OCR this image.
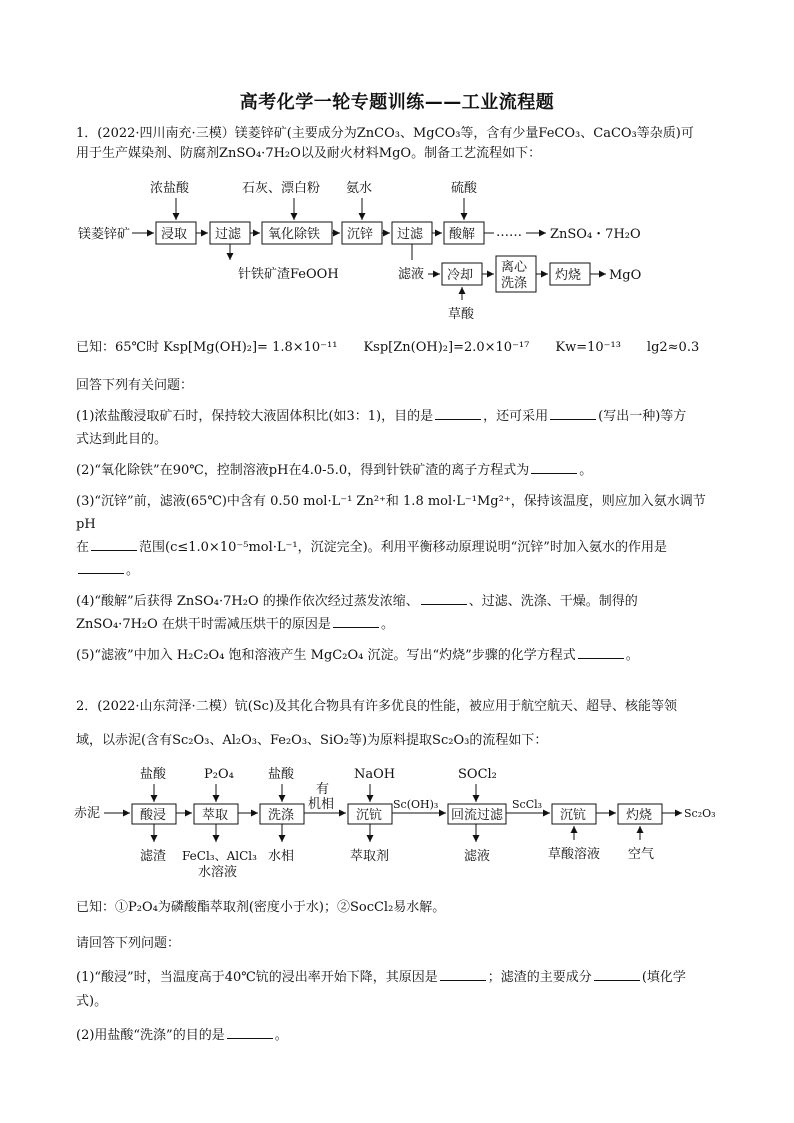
高考化学一轮专题训练——工业流程题
1．(2022·四川南充·三模）镁菱锌矿(主要成分为ZnCO₃、MgCO₃等，含有少量FeCO₃、CaCO₃等杂质)可
用于生产媒染剂、防腐剂ZnSO₄·7H₂O以及耐火材料MgO。制备工艺流程如下：
镁菱锌矿 浸取 过滤 氧化除铁 沉锌 过滤 酸解 …… ZnSO₄・7H₂O
浓盐酸	石灰、漂白粉 氨水	硫酸
针铁矿渣FeOOH	滤液 冷却
离心
洗涤
灼烧 MgO
草酸
已知：65℃时 Ksp[Mg(OH)₂]= 1.8×10⁻¹¹　　Ksp[Zn(OH)₂]=2.0×10⁻¹⁷　　Kw=10⁻¹³　　lg2≈0.3
回答下列有关问题：
(1)浓盐酸浸取矿石时，保持较大液固体积比(如3：1)，目的是	，还可采用	(写出一种)等方
式达到此目的。
(2)“氧化除铁”在90℃，控制溶液pH在4.0-5.0，得到针铁矿渣的离子方程式为	。
(3)“沉锌”前，滤液(65℃)中含有 0.50 mol·L⁻¹ Zn²⁺和 1.8 mol·L⁻¹Mg²⁺，保持该温度，则应加入氨水调节pH
在	范围(c≤1.0×10⁻⁵mol·L⁻¹，沉淀完全)。利用平衡移动原理说明“沉锌”时加入氨水的作用是
。
(4)“酸解”后获得 ZnSO₄·7H₂O 的操作依次经过蒸发浓缩、	、过滤、洗涤、干燥。制得的
ZnSO₄·7H₂O 在烘干时需减压烘干的原因是	。
(5)“滤液”中加入 H₂C₂O₄ 饱和溶液产生 MgC₂O₄ 沉淀。写出“灼烧”步骤的化学方程式	。
2．(2022·山东菏泽·二模）钪(Sc)及其化合物具有许多优良的性能，被应用于航空航天、超导、核能等领
域，以赤泥(含有Sc₂O₃、Al₂O₃、Fe₂O₃、SiO₂等)为原料提取Sc₂O₃的流程如下：
赤泥	酸浸	萃取	洗涤
有
机相
沉钪
Sc(OH)₃
回流过滤
ScCl₃
沉钪	灼烧	Sc₂O₃
盐酸	P₂O₄	盐酸	NaOH	SOCl₂
滤渣 FeCl₃、AlCl₃
水溶液
水相	萃取剂	滤液	草酸溶液 空气
已知：①P₂O₄为磷酸酯萃取剂(密度小于水)；②SocCl₂易水解。
请回答下列问题：
(1)“酸浸”时，当温度高于40℃钪的浸出率开始下降，其原因是	；滤渣的主要成分	(填化学
式)。
(2)用盐酸“洗涤”的目的是	。
